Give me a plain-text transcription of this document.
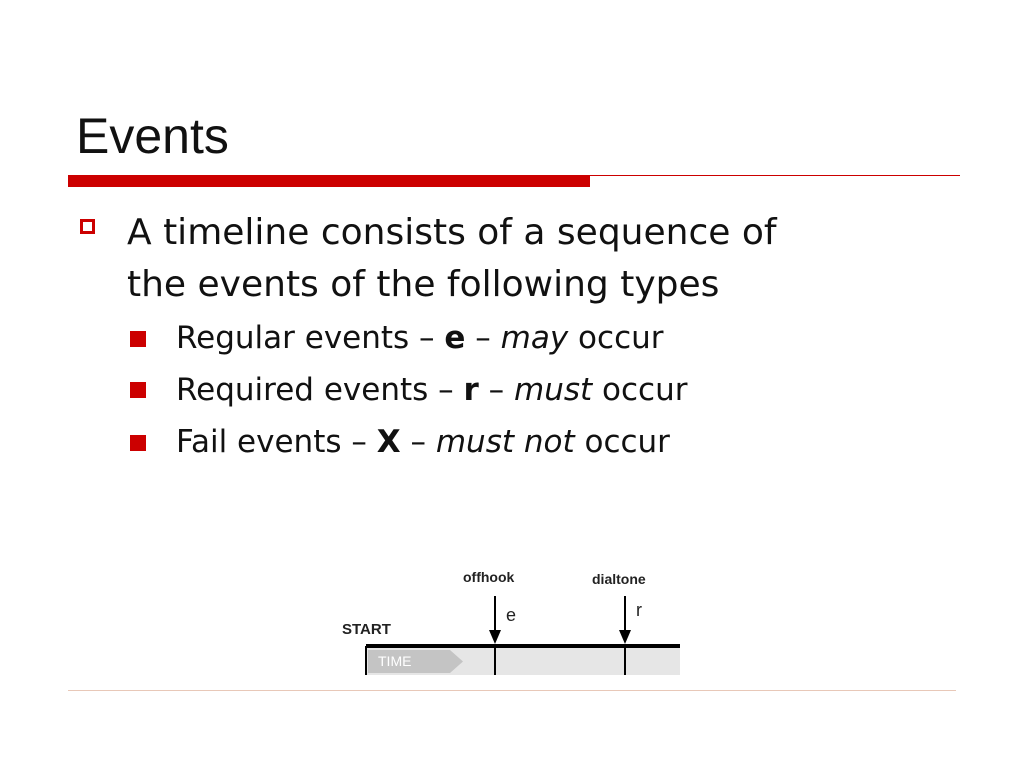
Events
A timeline consists of a sequence of
the events of the following types
Regular events – e – may occur
Required events – r – must occur
Fail events – X – must not occur
TIME
START
offhook
e
dialtone
r
